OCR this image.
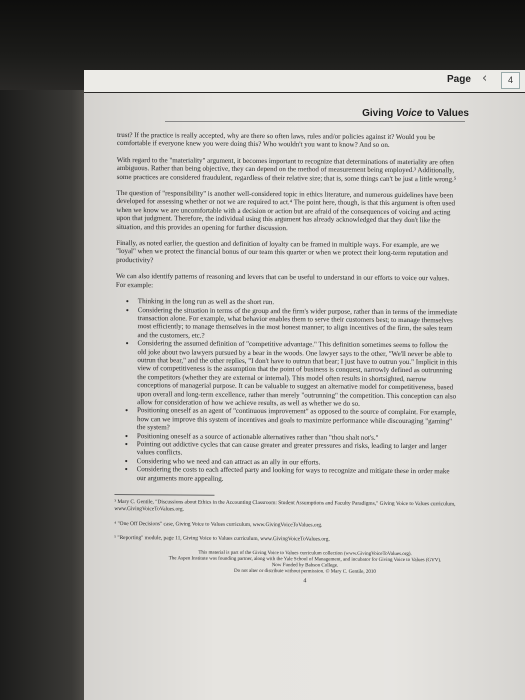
Page ‹	4
Giving Voice to Values

trust? If the practice is really accepted, why are there so often laws, rules and/or policies against it? Would you be comfortable if everyone knew you were doing this? Who wouldn't you want to know? And so on.

With regard to the "materiality" argument, it becomes important to recognize that determinations of materiality are often ambiguous. Rather than being objective, they can depend on the method of measurement being employed.³ Additionally, some practices are considered fraudulent, regardless of their relative size; that is, some things can't be just a little wrong.⁵

The question of "responsibility" is another well-considered topic in ethics literature, and numerous guidelines have been developed for assessing whether or not we are required to act.⁴ The point here, though, is that this argument is often used when we know we are uncomfortable with a decision or action but are afraid of the consequences of voicing and acting upon that judgment. Therefore, the individual using this argument has already acknowledged that they don't like the situation, and this provides an opening for further discussion.

Finally, as noted earlier, the question and definition of loyalty can be framed in multiple ways. For example, are we "loyal" when we protect the financial bonus of our team this quarter or when we protect their long-term reputation and productivity?

We can also identify patterns of reasoning and levers that can be useful to understand in our efforts to voice our values. For example:

• Thinking in the long run as well as the short run.
• Considering the situation in terms of the group and the firm's wider purpose, rather than in terms of the immediate transaction alone. For example, what behavior enables them to serve their customers best; to manage themselves most efficiently; to manage themselves in the most honest manner; to align incentives of the firm, the sales team and the customers, etc.?
• Considering the assumed definition of "competitive advantage." This definition sometimes seems to follow the old joke about two lawyers pursued by a bear in the woods. One lawyer says to the other, "We'll never be able to outrun that bear," and the other replies, "I don't have to outrun that bear; I just have to outrun you." Implicit in this view of competitiveness is the assumption that the point of business is conquest, narrowly defined as outrunning the competitors (whether they are external or internal). This model often results in shortsighted, narrow conceptions of managerial purpose. It can be valuable to suggest an alternative model for competitiveness, based upon overall and long-term excellence, rather than merely "outrunning" the competition. This conception can also allow for consideration of how we achieve results, as well as whether we do so.
• Positioning oneself as an agent of "continuous improvement" as opposed to the source of complaint. For example, how can we improve this system of incentives and goals to maximize performance while discouraging "gaming" the system?
• Positioning oneself as a source of actionable alternatives rather than "thou shalt not's."
• Pointing out addictive cycles that can cause greater and greater pressures and risks, leading to larger and larger values conflicts.
• Considering who we need and can attract as an ally in our efforts.
• Considering the costs to each affected party and looking for ways to recognize and mitigate these in order make our arguments more appealing.

³ Mary C. Gentile, "Discussions about Ethics in the Accounting Classroom: Student Assumptions and Faculty Paradigms," Giving Voice to Values curriculum, www.GivingVoiceToValues.org.

⁴ "One Off Decisions" case, Giving Voice to Values curriculum, www.GivingVoiceToValues.org.

⁵ "Reporting" module, page 11, Giving Voice to Values curriculum, www.GivingVoiceToValues.org.

This material is part of the Giving Voice to Values curriculum collection (www.GivingVoiceToValues.org).
The Aspen Institute was founding partner, along with the Yale School of Management, and incubator for Giving Voice to Values (GVV).
Now Funded by Babson College.
Do not alter or distribute without permission. © Mary C. Gentile, 2010
4
